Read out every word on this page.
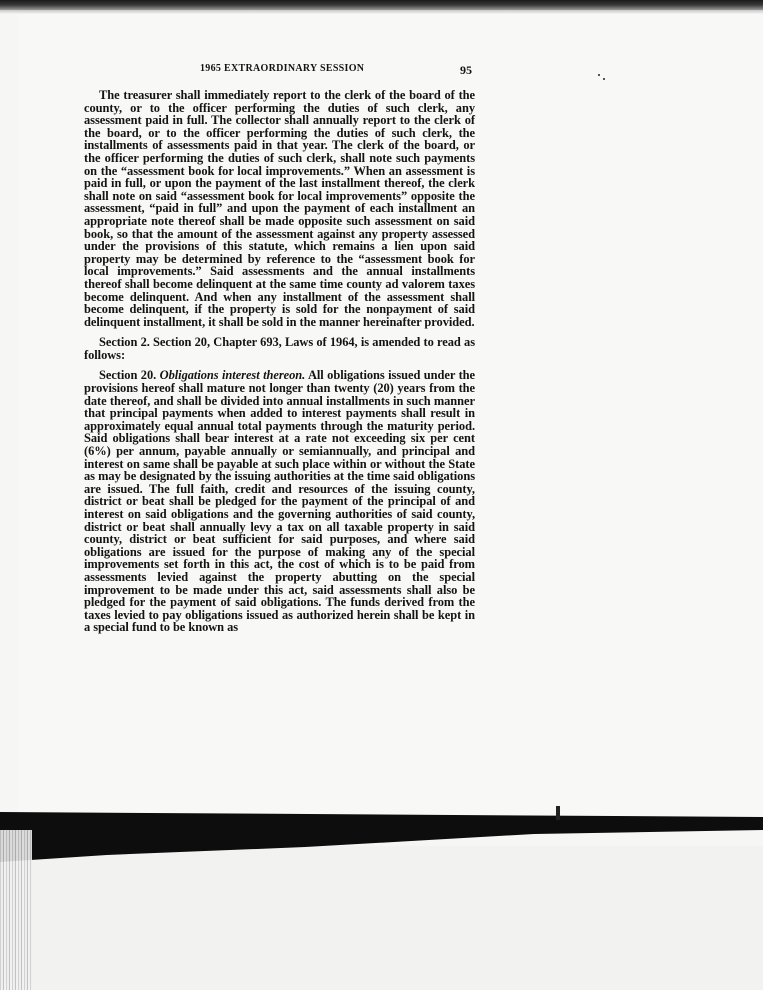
1965 EXTRAORDINARY SESSION	95

The treasurer shall immediately report to the clerk of the board of the county, or to the officer performing the duties of such clerk, any assessment paid in full. The collector shall annually report to the clerk of the board, or to the officer performing the duties of such clerk, the installments of assessments paid in that year. The clerk of the board, or the officer performing the duties of such clerk, shall note such payments on the “assessment book for local improvements.” When an assessment is paid in full, or upon the payment of the last installment thereof, the clerk shall note on said “assessment book for local improvements” opposite the assessment, “paid in full” and upon the payment of each installment an appropriate note thereof shall be made opposite such assessment on said book, so that the amount of the assessment against any property assessed under the provisions of this statute, which remains a lien upon said property may be determined by reference to the “assessment book for local improvements.” Said assessments and the annual installments thereof shall become delinquent at the same time county ad valorem taxes become delinquent. And when any installment of the assessment shall become delinquent, if the property is sold for the nonpayment of said delinquent installment, it shall be sold in the manner hereinafter provided.

Section 2. Section 20, Chapter 693, Laws of 1964, is amended to read as follows:

Section 20. Obligations interest thereon. All obligations issued under the provisions hereof shall mature not longer than twenty (20) years from the date thereof, and shall be divided into annual installments in such manner that principal payments when added to interest payments shall result in approximately equal annual total payments through the maturity period. Said obligations shall bear interest at a rate not exceeding six per cent (6%) per annum, payable annually or semiannually, and principal and interest on same shall be payable at such place within or without the State as may be designated by the issuing authorities at the time said obligations are issued. The full faith, credit and resources of the issuing county, district or beat shall be pledged for the payment of the principal of and interest on said obligations and the governing authorities of said county, district or beat shall annually levy a tax on all taxable property in said county, district or beat sufficient for said purposes, and where said obligations are issued for the purpose of making any of the special improvements set forth in this act, the cost of which is to be paid from assessments levied against the property abutting on the special improvement to be made under this act, said assessments shall also be pledged for the payment of said obligations. The funds derived from the taxes levied to pay obligations issued as authorized herein shall be kept in a special fund to be known as
